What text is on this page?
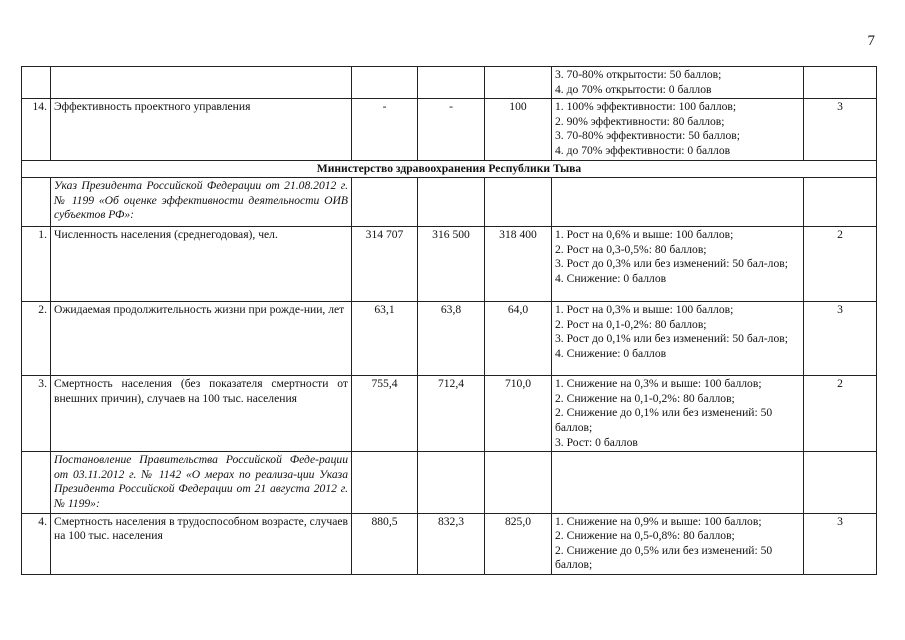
7

					3. 70-80% открытости: 50 баллов;
4. до 70% открытости: 0 баллов	

14.	Эффективность проектного управления	-	-	100	1. 100% эффективности: 100 баллов;
2. 90% эффективности: 80 баллов;
3. 70-80% эффективности: 50 баллов;
4. до 70% эффективности: 0 баллов	3
Министерство здравоохранения Республики Тыва						
	Указ Президента Российской Федерации от 21.08.2012 г. № 1199 «Об оценке эффективности деятельности ОИВ субъектов РФ»:					
1.	Численность населения (среднегодовая), чел.	314 707	316 500	318 400	1. Рост на 0,6% и выше: 100 баллов;
2. Рост на 0,3-0,5%: 80 баллов;
3. Рост до 0,3% или без изменений: 50 бал-лов;
4. Снижение: 0 баллов	2
2.	Ожидаемая продолжительность жизни при рожде-нии, лет	63,1	63,8	64,0	1. Рост на 0,3% и выше: 100 баллов;
2. Рост на 0,1-0,2%: 80 баллов;
3. Рост до 0,1% или без изменений: 50 бал-лов;
4. Снижение: 0 баллов	3
3.	Смертность населения (без показателя смертности от внешних причин), случаев на 100 тыс. населения	755,4	712,4	710,0	1. Снижение на 0,3% и выше: 100 баллов;
2. Снижение на 0,1-0,2%: 80 баллов;
2. Снижение до 0,1% или без изменений: 50 баллов;
3. Рост: 0 баллов	2
	Постановление Правительства Российской Феде-рации от 03.11.2012 г. № 1142 «О мерах по реализа-ции Указа Президента Российской Федерации от 21 августа 2012 г. № 1199»:					
4.	Смертность населения в трудоспособном возрасте, случаев на 100 тыс. населения	880,5	832,3	825,0	1. Снижение на 0,9% и выше: 100 баллов;
2. Снижение на 0,5-0,8%: 80 баллов;
2. Снижение до 0,5% или без изменений: 50 баллов;	3
